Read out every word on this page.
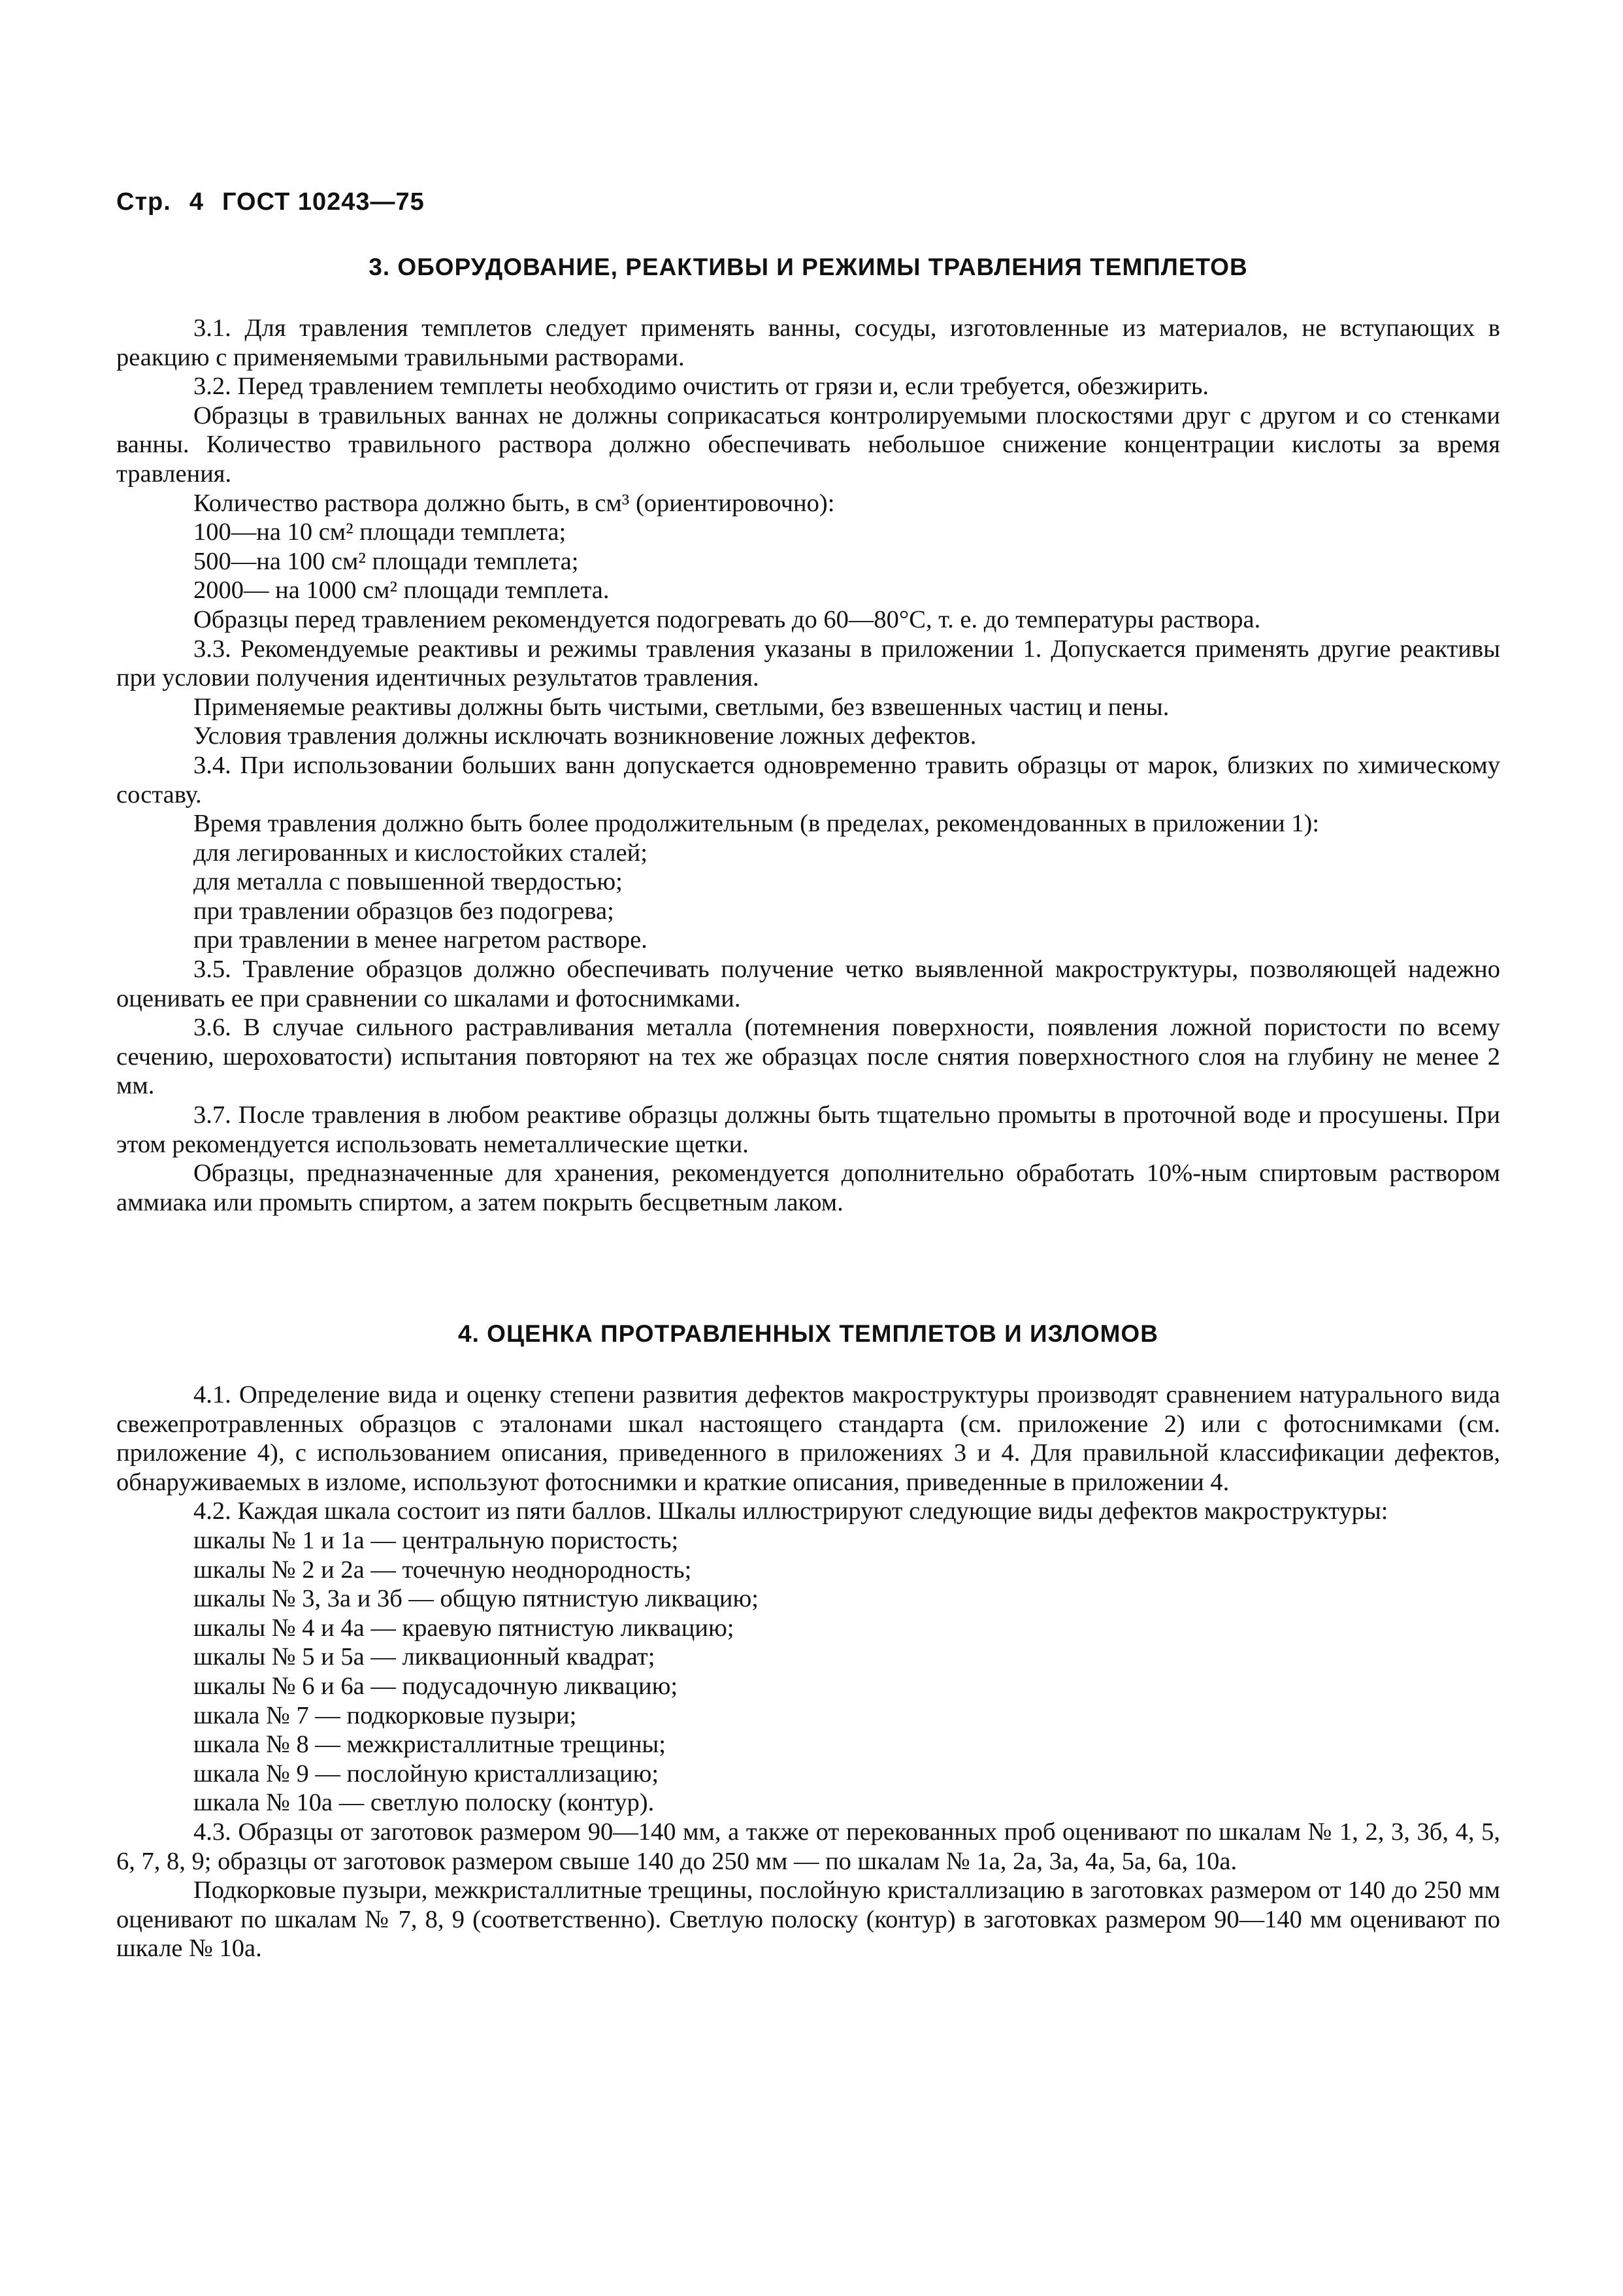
Стр. 4 ГОСТ 10243—75
3. ОБОРУДОВАНИЕ, РЕАКТИВЫ И РЕЖИМЫ ТРАВЛЕНИЯ ТЕМПЛЕТОВ

3.1. Для травления темплетов следует применять ванны, сосуды, изготовленные из материалов, не вступающих в реакцию с применяемыми травильными растворами.

3.2. Перед травлением темплеты необходимо очистить от грязи и, если требуется, обезжирить.

Образцы в травильных ваннах не должны соприкасаться контролируемыми плоскостями друг с другом и со стенками ванны. Количество травильного раствора должно обеспечивать небольшое снижение концентрации кислоты за время травления.

Количество раствора должно быть, в см³ (ориентировочно):

100—на 10 см² площади темплета;

500—на 100 см² площади темплета;

2000— на 1000 см² площади темплета.

Образцы перед травлением рекомендуется подогревать до 60—80°С, т. е. до температуры раствора.

3.3. Рекомендуемые реактивы и режимы травления указаны в приложении 1. Допускается применять другие реактивы при условии получения идентичных результатов травления.

Применяемые реактивы должны быть чистыми, светлыми, без взвешенных частиц и пены.

Условия травления должны исключать возникновение ложных дефектов.

3.4. При использовании больших ванн допускается одновременно травить образцы от марок, близких по химическому составу.

Время травления должно быть более продолжительным (в пределах, рекомендованных в приложении 1):

для легированных и кислостойких сталей;

для металла с повышенной твердостью;

при травлении образцов без подогрева;

при травлении в менее нагретом растворе.

3.5. Травление образцов должно обеспечивать получение четко выявленной макроструктуры, позволяющей надежно оценивать ее при сравнении со шкалами и фотоснимками.

3.6. В случае сильного растравливания металла (потемнения поверхности, появления ложной пористости по всему сечению, шероховатости) испытания повторяют на тех же образцах после снятия поверхностного слоя на глубину не менее 2 мм.

3.7. После травления в любом реактиве образцы должны быть тщательно промыты в проточной воде и просушены. При этом рекомендуется использовать неметаллические щетки.

Образцы, предназначенные для хранения, рекомендуется дополнительно обработать 10%-ным спиртовым раствором аммиака или промыть спиртом, а затем покрыть бесцветным лаком.

4. ОЦЕНКА ПРОТРАВЛЕННЫХ ТЕМПЛЕТОВ И ИЗЛОМОВ

4.1. Определение вида и оценку степени развития дефектов макроструктуры производят сравнением натурального вида свежепротравленных образцов с эталонами шкал настоящего стандарта (см. приложение 2) или с фотоснимками (см. приложение 4), с использованием описания, приведенного в приложениях 3 и 4. Для правильной классификации дефектов, обнаруживаемых в изломе, используют фотоснимки и краткие описания, приведенные в приложении 4.

4.2. Каждая шкала состоит из пяти баллов. Шкалы иллюстрируют следующие виды дефектов макроструктуры:

шкалы № 1 и 1а — центральную пористость;

шкалы № 2 и 2а — точечную неоднородность;

шкалы № 3, 3а и 3б — общую пятнистую ликвацию;

шкалы № 4 и 4а — краевую пятнистую ликвацию;

шкалы № 5 и 5а — ликвационный квадрат;

шкалы № 6 и 6а — подусадочную ликвацию;

шкала № 7 — подкорковые пузыри;

шкала № 8 — межкристаллитные трещины;

шкала № 9 — послойную кристаллизацию;

шкала № 10а — светлую полоску (контур).

4.3. Образцы от заготовок размером 90—140 мм, а также от перекованных проб оценивают по шкалам № 1, 2, 3, 3б, 4, 5, 6, 7, 8, 9; образцы от заготовок размером свыше 140 до 250 мм — по шкалам № 1а, 2а, 3а, 4а, 5а, 6а, 10а.

Подкорковые пузыри, межкристаллитные трещины, послойную кристаллизацию в заготовках размером от 140 до 250 мм оценивают по шкалам № 7, 8, 9 (соответственно). Светлую полоску (контур) в заготовках размером 90—140 мм оценивают по шкале № 10а.
